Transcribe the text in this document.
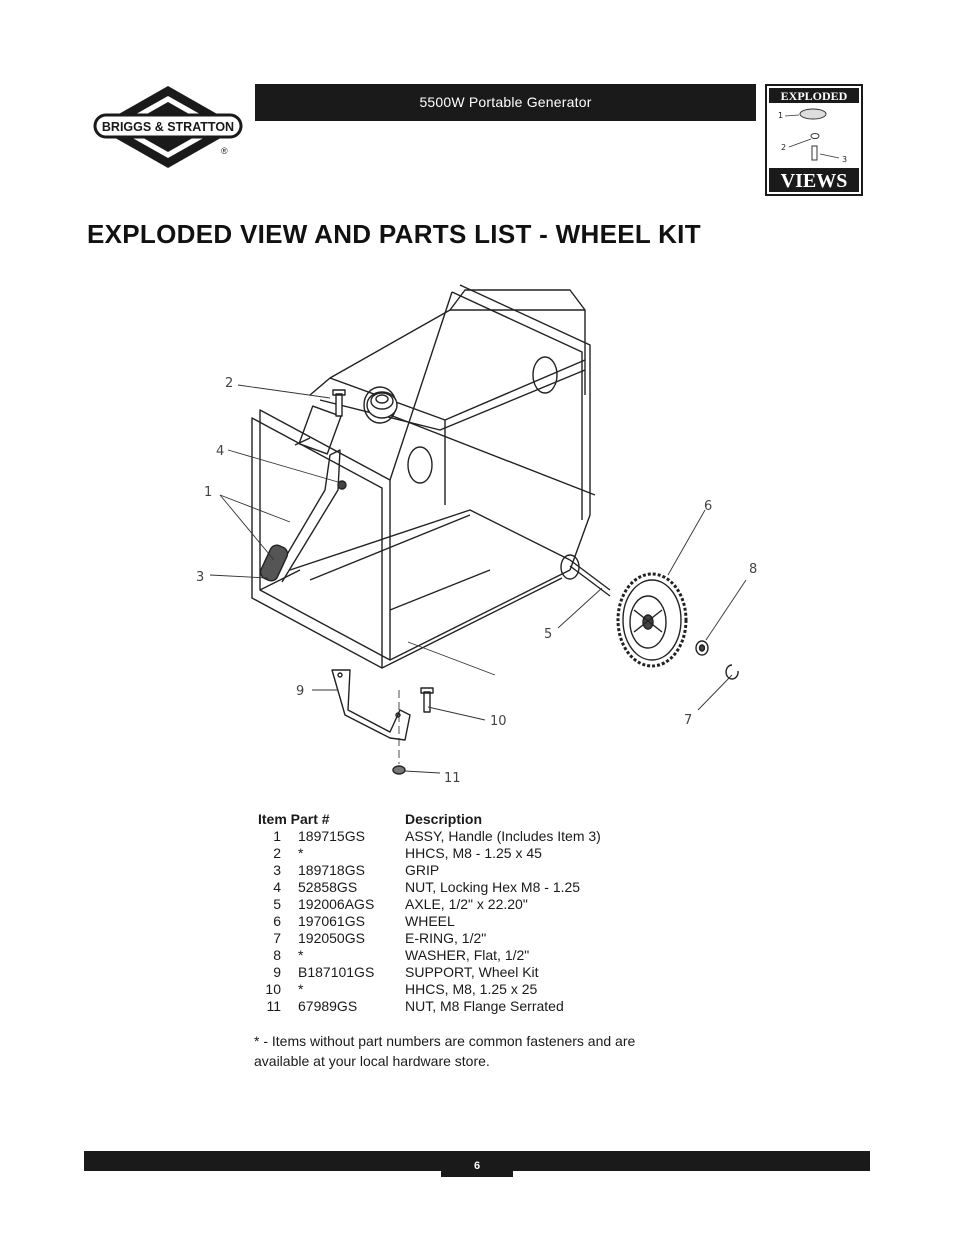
BRIGGS & STRATTON
®
5500W Portable Generator	EXPLODED
1
2
3
VIEWS
EXPLODED VIEW AND PARTS LIST - WHEEL KIT
1
2
3
4
5
6
7
8
9
10
11
Item Part #	Description
1 189715GS	ASSY, Handle (Includes Item 3)
2 *	HHCS, M8 - 1.25 x 45
3 189718GS	GRIP
4 52858GS	NUT, Locking Hex M8 - 1.25
5 192006AGS AXLE, 1/2" x 22.20"
6 197061GS	WHEEL
7 192050GS	E-RING, 1/2"
8 *	WASHER, Flat, 1/2"
9 B187101GS SUPPORT, Wheel Kit
10 *	HHCS, M8, 1.25 x 25
11 67989GS	NUT, M8 Flange Serrated
* - Items without part numbers are common fasteners and are available at your local hardware store.
6
